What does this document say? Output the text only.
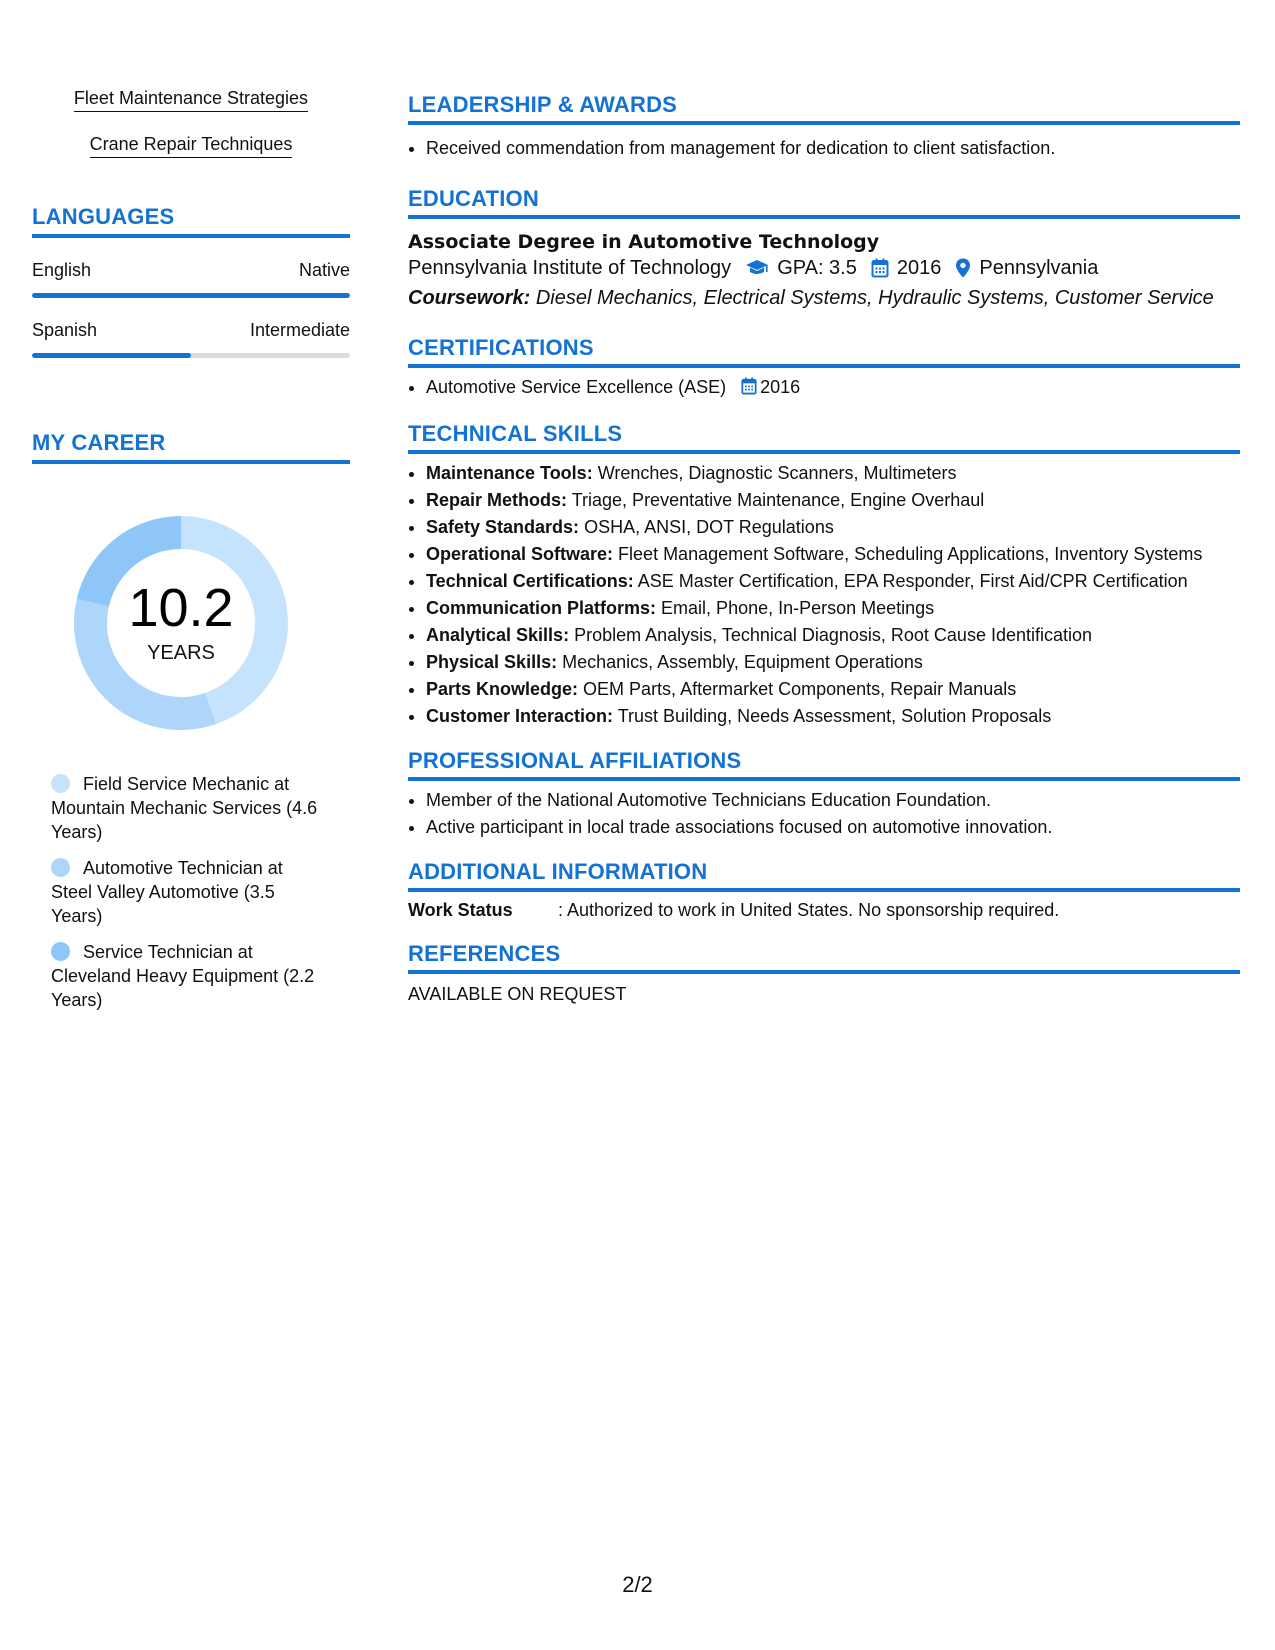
Fleet Maintenance Strategies
Crane Repair Techniques
LANGUAGES
English	Native
Spanish	Intermediate
MY CAREER
10.2
YEARS
Field Service Mechanic at Mountain Mechanic Services (4.6 Years)
Automotive Technician at Steel Valley Automotive (3.5 Years)
Service Technician at Cleveland Heavy Equipment (2.2 Years)
LEADERSHIP & AWARDS
• Received commendation from management for dedication to client satisfaction.
EDUCATION
Associate Degree in Automotive Technology
Pennsylvania Institute of Technology GPA: 3.5 2016 Pennsylvania
Coursework: Diesel Mechanics, Electrical Systems, Hydraulic Systems, Customer Service
CERTIFICATIONS
• Automotive Service Excellence (ASE) 2016
TECHNICAL SKILLS
• Maintenance Tools: Wrenches, Diagnostic Scanners, Multimeters
• Repair Methods: Triage, Preventative Maintenance, Engine Overhaul
• Safety Standards: OSHA, ANSI, DOT Regulations
• Operational Software: Fleet Management Software, Scheduling Applications, Inventory Systems
• Technical Certifications: ASE Master Certification, EPA Responder, First Aid/CPR Certification
• Communication Platforms: Email, Phone, In-Person Meetings
• Analytical Skills: Problem Analysis, Technical Diagnosis, Root Cause Identification
• Physical Skills: Mechanics, Assembly, Equipment Operations
• Parts Knowledge: OEM Parts, Aftermarket Components, Repair Manuals
• Customer Interaction: Trust Building, Needs Assessment, Solution Proposals
PROFESSIONAL AFFILIATIONS
• Member of the National Automotive Technicians Education Foundation.
• Active participant in local trade associations focused on automotive innovation.
ADDITIONAL INFORMATION
Work Status	: Authorized to work in United States. No sponsorship required.
REFERENCES
AVAILABLE ON REQUEST
2/2
